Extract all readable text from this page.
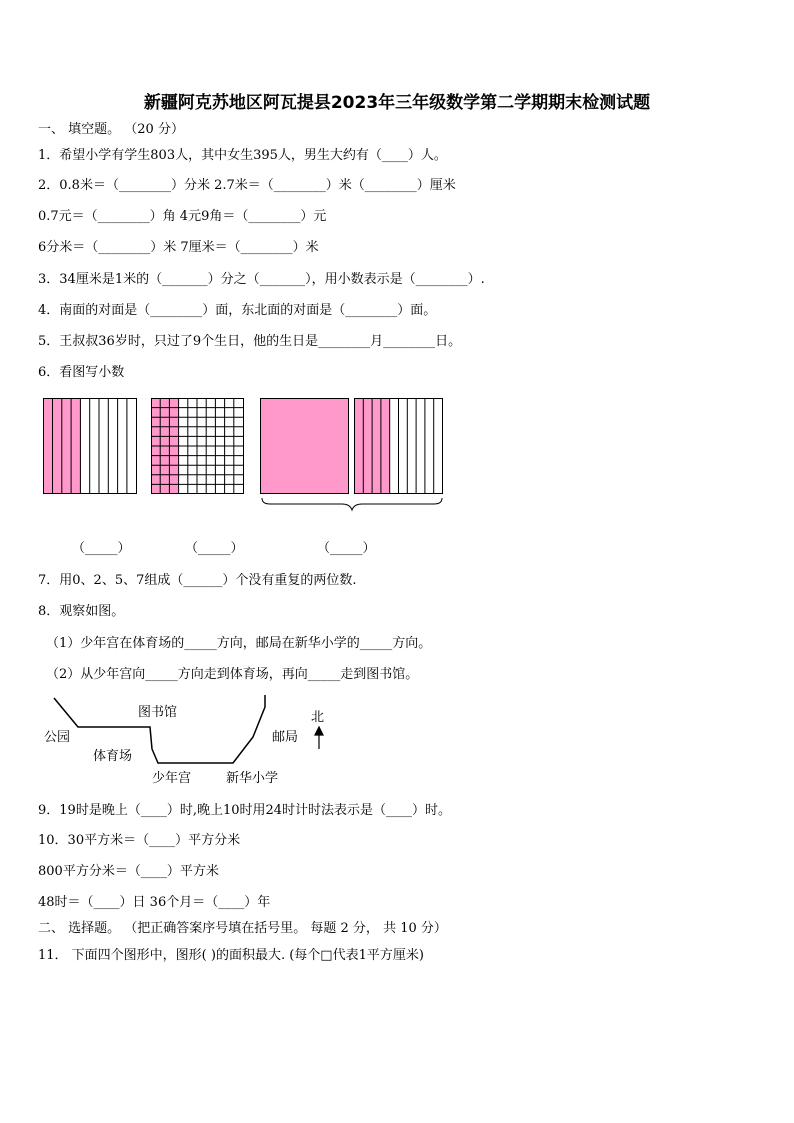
新疆阿克苏地区阿瓦提县2023年三年级数学第二学期期末检测试题
一、 填空题。 （20 分）
1．希望小学有学生803人，其中女生395人，男生大约有（____）人。
2．0.8米＝（________）分米 2.7米＝（________）米（________）厘米
0.7元＝（________）角 4元9角＝（________）元
6分米＝（________）米 7厘米＝（________）米
3．34厘米是1米的（_______）分之（_______），用小数表示是（________）.
4．南面的对面是（________）面，东北面的对面是（________）面。
5．王叔叔36岁时，只过了9个生日，他的生日是________月________日。
6．看图写小数
（_____）	（_____）	（_____）
7．用0、2、5、7组成（______）个没有重复的两位数.
8．观察如图。
（1）少年宫在体育场的_____方向，邮局在新华小学的_____方向。
（2）从少年宫向_____方向走到体育场，再向_____走到图书馆。
公园
图书馆
体育场
少年宫	新华小学
邮局
北
9．19时是晚上（____）时,晚上10时用24时计时法表示是（____）时。
10．30平方米＝（____）平方分米
800平方分米＝（____）平方米
48时＝（____）日 36个月＝（____）年
二、 选择题。 （把正确答案序号填在括号里。 每题 2 分， 共 10 分）
11． 下面四个图形中，图形( )的面积最大. (每个□代表1平方厘米)
